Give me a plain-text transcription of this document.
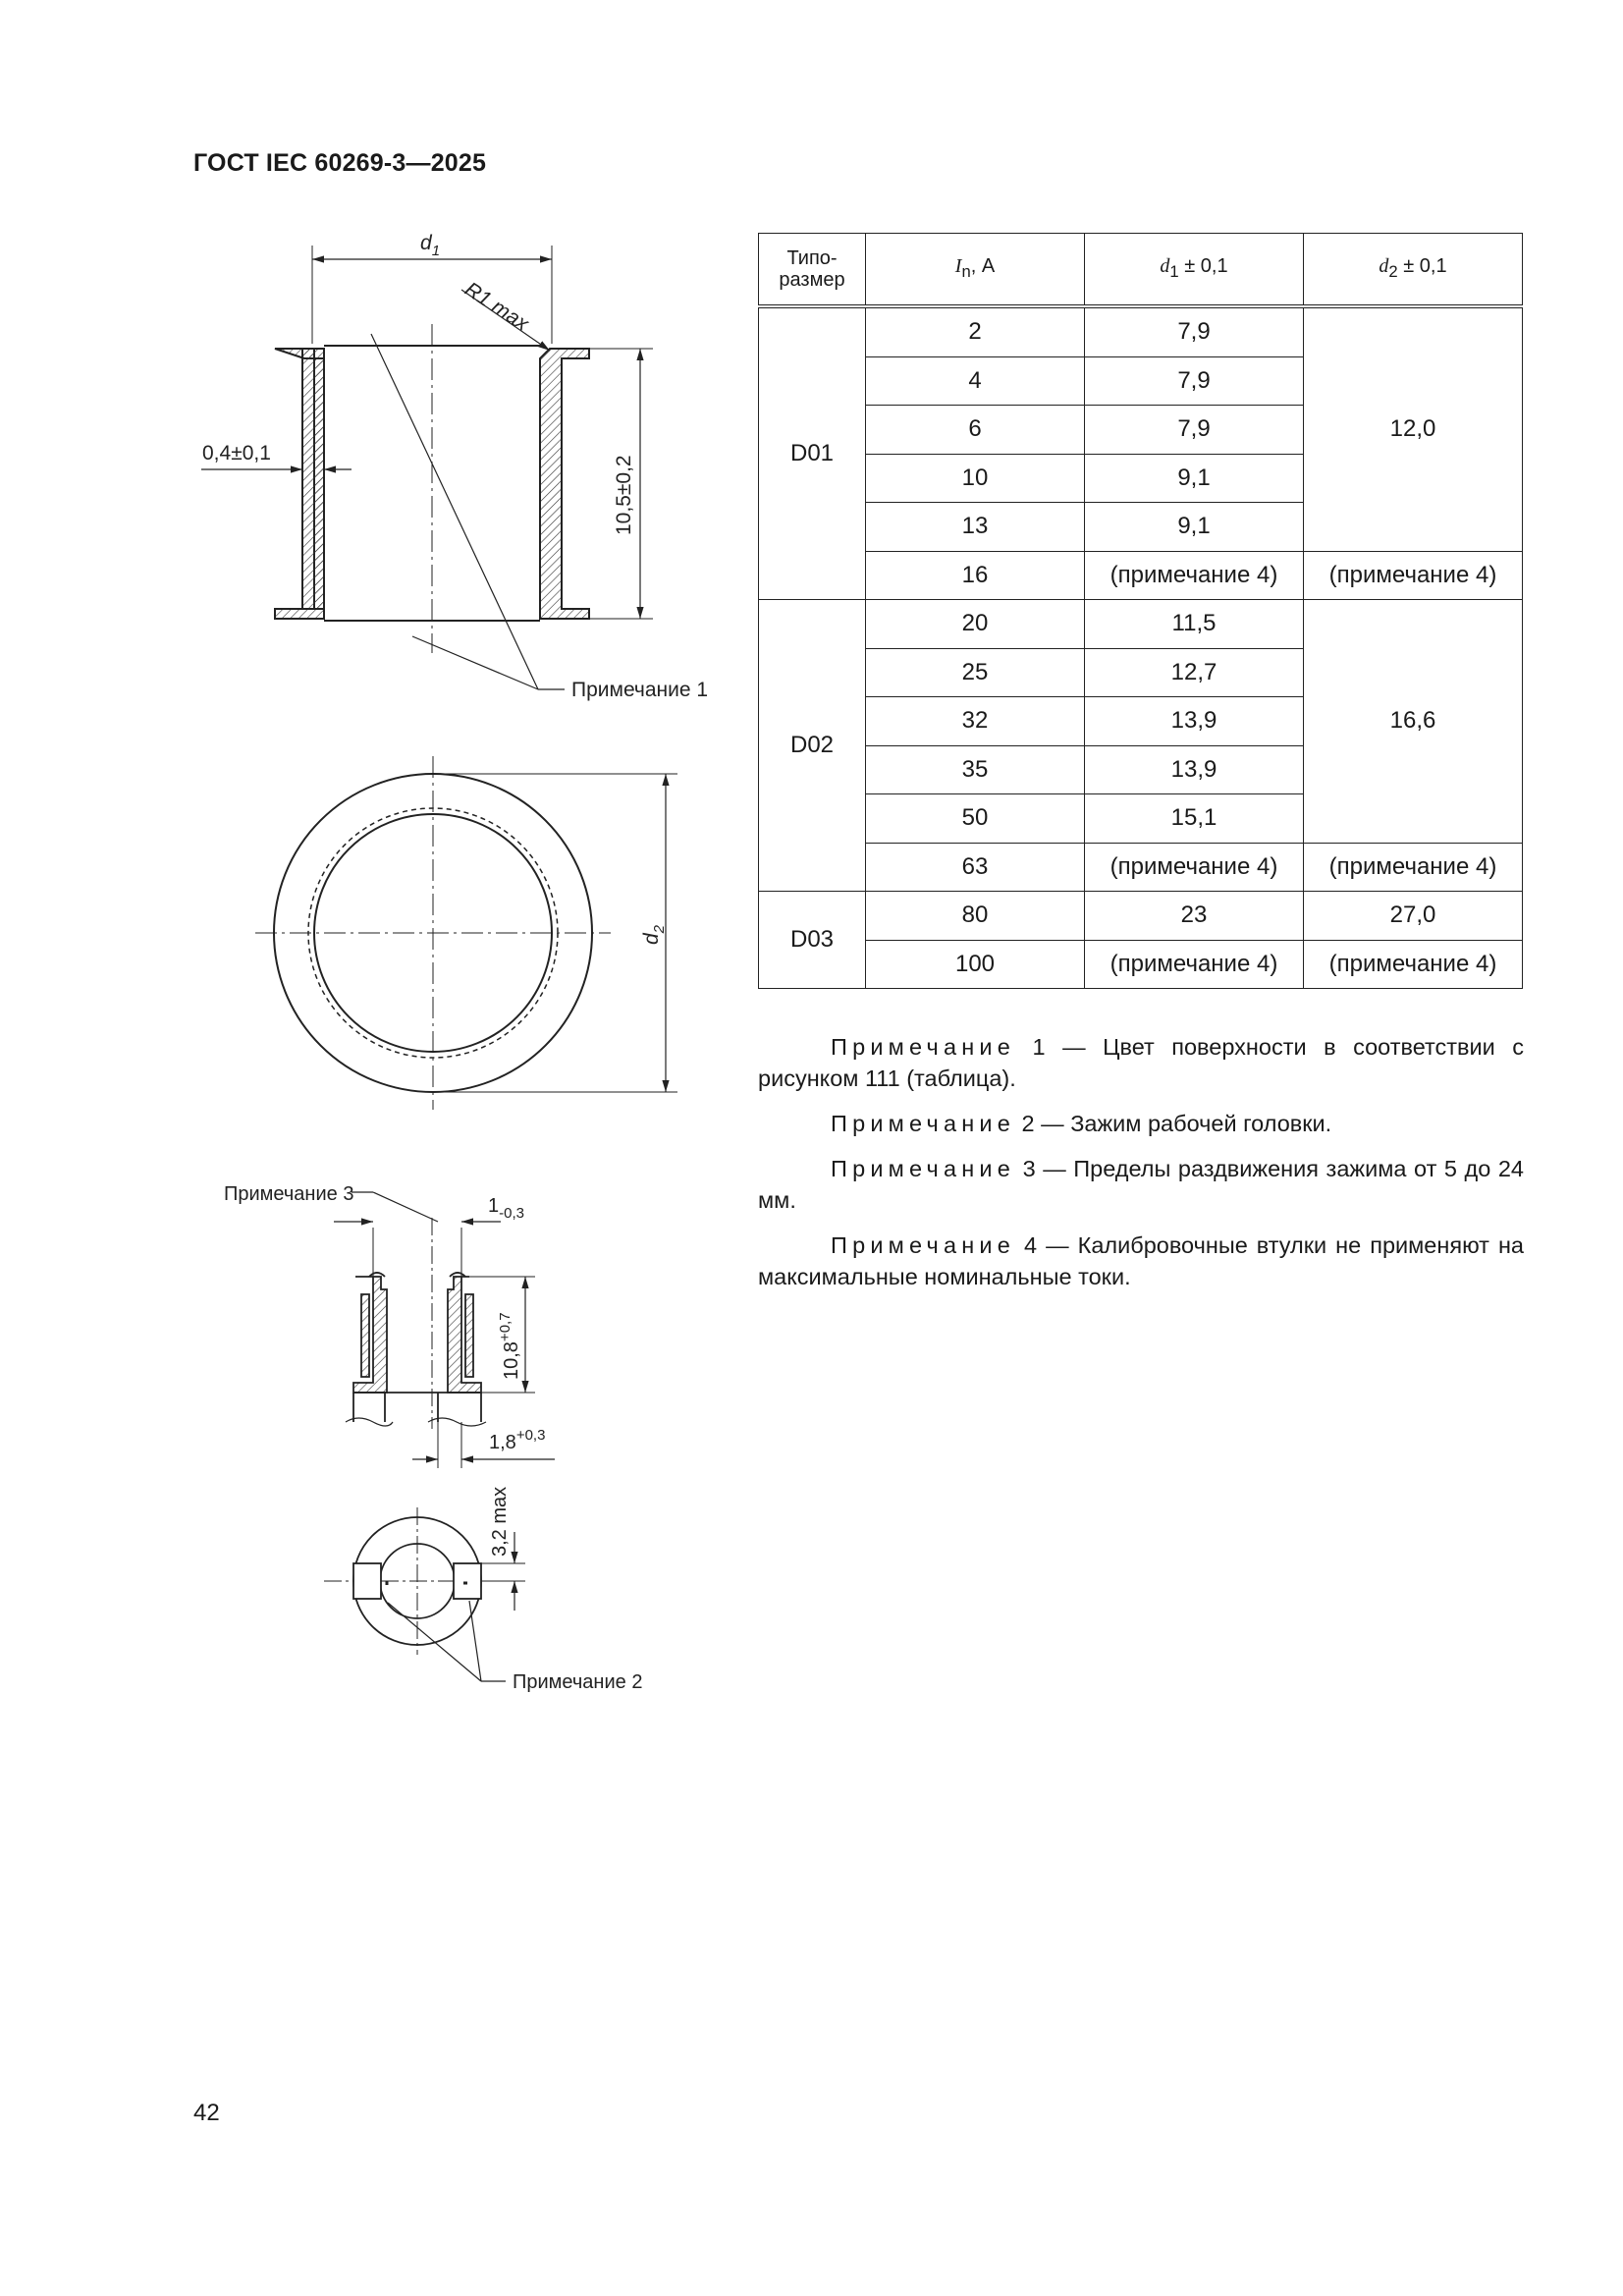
ГОСТ IEC 60269-3—2025
$d_1$
R1 max
0,4±0,1
10,5±0,2
Примечание 1
$d_2$
Примечание 3
$1_{-0,3}$
$10,8^{+0,7}$
$1,8^{+0,3}$
3,2 max
Примечание 2
Типо-
размер	$I_n$, А	$d_1 \pm 0,1$	$d_2 \pm 0,1$
D01	2	7,9	12,0
	4	7,9	
	6	7,9	
	10	9,1	
	13	9,1	
	16	(примечание 4)	(примечание 4)
D02	20	11,5	16,6
	25	12,7	
	32	13,9	
	35	13,9	
	50	15,1	
	63	(примечание 4)	(примечание 4)
D03	80	23	27,0
	100	(примечание 4)	(примечание 4)

Примечание 1 — Цвет поверхности в соответствии с рисунком 111 (таблица).

Примечание 2 — Зажим рабочей головки.

Примечание 3 — Пределы раздвижения зажима от 5 до 24 мм.

Примечание 4 — Калибровочные втулки не применяют на максимальные номинальные токи.

42
